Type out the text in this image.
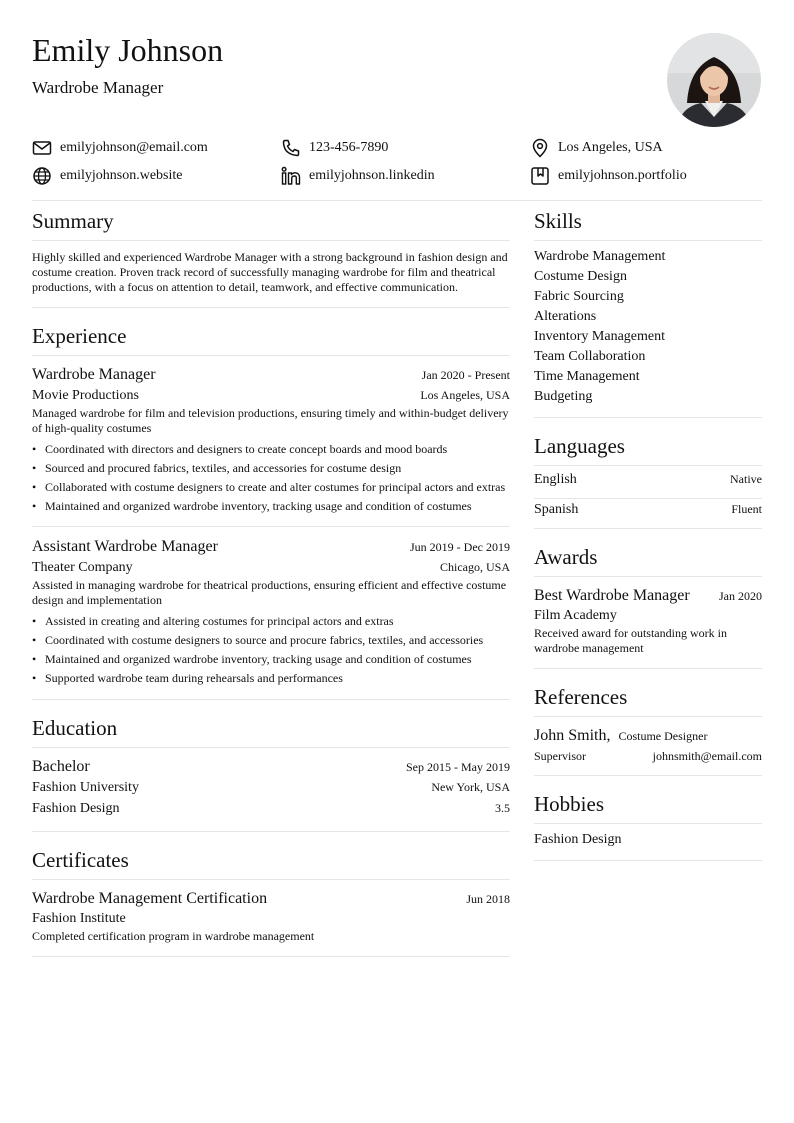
Emily Johnson
Wardrobe Manager
emilyjohnson@email.com	123-456-7890	Los Angeles, USA
emilyjohnson.website	emilyjohnson.linkedin	emilyjohnson.portfolio
Summary
Highly skilled and experienced Wardrobe Manager with a strong background in fashion design and costume creation. Proven track record of successfully managing wardrobe for film and theatrical productions, with a focus on attention to detail, teamwork, and effective communication.
Experience
Wardrobe Manager	Jan 2020 - Present
Movie Productions	Los Angeles, USA
Managed wardrobe for film and television productions, ensuring timely and within-budget delivery of high-quality costumes
• Coordinated with directors and designers to create concept boards and mood boards
• Sourced and procured fabrics, textiles, and accessories for costume design
• Collaborated with costume designers to create and alter costumes for principal actors and extras
• Maintained and organized wardrobe inventory, tracking usage and condition of costumes
Assistant Wardrobe Manager	Jun 2019 - Dec 2019
Theater Company	Chicago, USA
Assisted in managing wardrobe for theatrical productions, ensuring efficient and effective costume design and implementation
• Assisted in creating and altering costumes for principal actors and extras
• Coordinated with costume designers to source and procure fabrics, textiles, and accessories
• Maintained and organized wardrobe inventory, tracking usage and condition of costumes
• Supported wardrobe team during rehearsals and performances
Education
Bachelor	Sep 2015 - May 2019
Fashion University	New York, USA
Fashion Design	3.5
Certificates
Wardrobe Management Certification	Jun 2018
Fashion Institute
Completed certification program in wardrobe management
Skills
Wardrobe Management
Costume Design
Fabric Sourcing
Alterations
Inventory Management
Team Collaboration
Time Management
Budgeting
Languages
English	Native
Spanish	Fluent
Awards
Best Wardrobe Manager Jan 2020
Film Academy
Received award for outstanding work in wardrobe management
References
John Smith, Costume Designer
Supervisor	johnsmith@email.com
Hobbies
Fashion Design
